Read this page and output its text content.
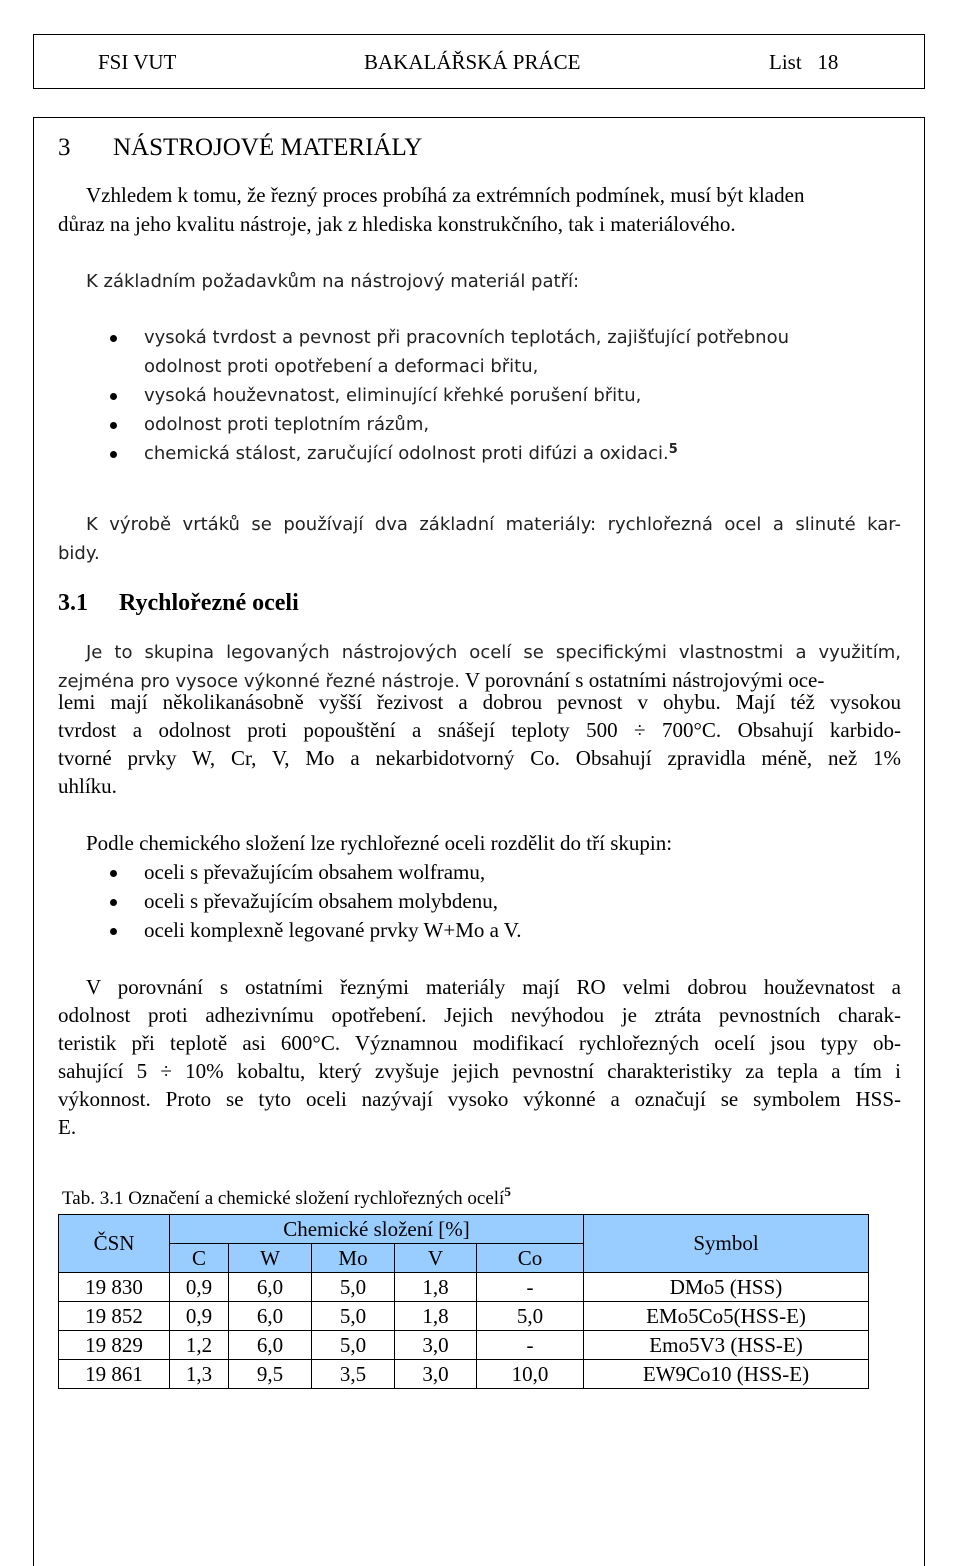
FSI VUT	BAKALÁŘSKÁ PRÁCE	List   18
3 NÁSTROJOVÉ MATERIÁLY
Vzhledem k tomu, že řezný proces probíhá za extrémních podmínek, musí být kladen
důraz na jeho kvalitu nástroje, jak z hlediska konstrukčního, tak i materiálového.

K základním požadavkům na nástrojový materiál patří:

vysoká tvrdost a pevnost při pracovních teplotách, zajišťující potřebnou
odolnost proti opotřebení a deformaci břitu,
vysoká houževnatost, eliminující křehké porušení břitu,
odolnost proti teplotním rázům,
chemická stálost, zaručující odolnost proti difúzi a oxidaci.$^5$
K výrobě vrtáků se používají dva základní materiály: rychlořezná ocel a slinuté kar-
bidy.
3.1 Rychlořezné oceli
Je to skupina legovaných nástrojových ocelí se specifickými vlastnostmi a využitím,
zejména pro vysoce výkonné řezné nástroje. V porovnání s ostatními nástrojovými oce-
lemi mají několikanásobně vyšší řezivost a dobrou pevnost v ohybu. Mají též vysokou
tvrdost a odolnost proti popouštění a snášejí teploty 500 ÷ 700°C. Obsahují karbido-
tvorné prvky W, Cr, V, Mo a nekarbidotvorný Co. Obsahují zpravidla méně, než 1%
uhlíku.

Podle chemického složení lze rychlořezné oceli rozdělit do tří skupin:

oceli s převažujícím obsahem wolframu,
oceli s převažujícím obsahem molybdenu,
oceli komplexně legované prvky W+Mo a V.
V porovnání s ostatními řeznými materiály mají RO velmi dobrou houževnatost a
odolnost proti adhezivnímu opotřebení. Jejich nevýhodou je ztráta pevnostních charak-
teristik při teplotě asi 600°C. Významnou modifikací rychlořezných ocelí jsou typy ob-
sahující 5 ÷ 10% kobaltu, který zvyšuje jejich pevnostní charakteristiky za tepla a tím i
výkonnost. Proto se tyto oceli nazývají vysoko výkonné a označují se symbolem HSS-
E.
Tab. 3.1 Označení a chemické složení rychlořezných ocelí$^5$
ČSN	Chemické složení [%]					Symbol
	C	W	Mo	V	Co	
19 830	0,9	6,0	5,0	1,8	-	DMo5 (HSS)
19 852	0,9	6,0	5,0	1,8	5,0	EMo5Co5(HSS-E)
19 829	1,2	6,0	5,0	3,0	-	Emo5V3 (HSS-E)
19 861	1,3	9,5	3,5	3,0	10,0	EW9Co10 (HSS-E)
